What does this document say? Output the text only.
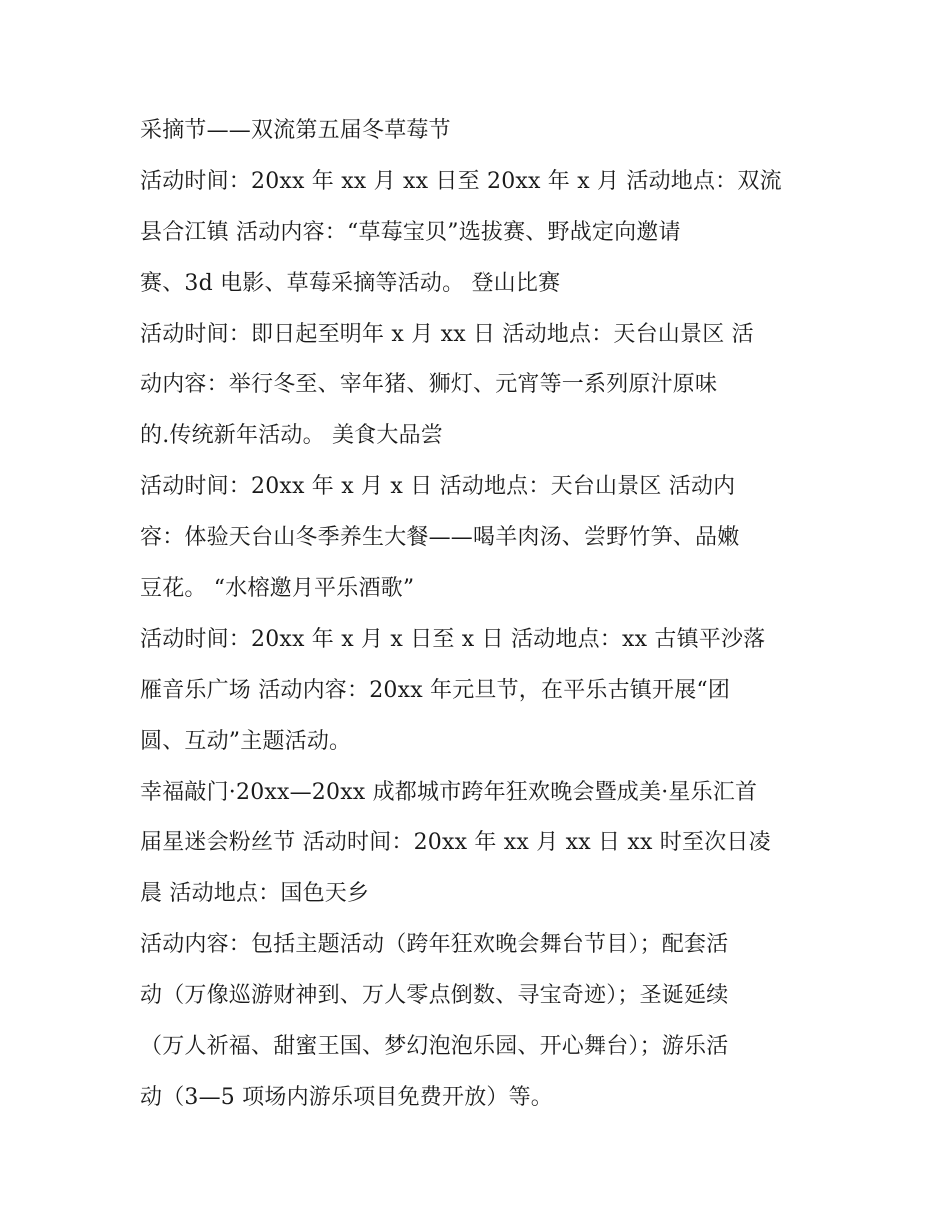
采摘节——双流第五届冬草莓节
活动时间：20xx 年 xx 月 xx 日至 20xx 年 x 月 活动地点：双流
县合江镇 活动内容：“草莓宝贝”选拔赛、野战定向邀请
赛、3d 电影、草莓采摘等活动。 登山比赛
活动时间：即日起至明年 x 月 xx 日 活动地点：天台山景区 活
动内容：举行冬至、宰年猪、狮灯、元宵等一系列原汁原味
的.传统新年活动。 美食大品尝
活动时间：20xx 年 x 月 x 日 活动地点：天台山景区 活动内
容：体验天台山冬季养生大餐——喝羊肉汤、尝野竹笋、品嫩
豆花。 “水榕邀月平乐酒歌”
活动时间：20xx 年 x 月 x 日至 x 日 活动地点：xx 古镇平沙落
雁音乐广场 活动内容：20xx 年元旦节，在平乐古镇开展“团
圆、互动”主题活动。
幸福敲门·20xx—20xx 成都城市跨年狂欢晚会暨成美·星乐汇首
届星迷会粉丝节 活动时间：20xx 年 xx 月 xx 日 xx 时至次日凌
晨 活动地点：国色天乡
活动内容：包括主题活动（跨年狂欢晚会舞台节目）；配套活
动（万像巡游财神到、万人零点倒数、寻宝奇迹）；圣诞延续
（万人祈福、甜蜜王国、梦幻泡泡乐园、开心舞台）；游乐活
动（3—5 项场内游乐项目免费开放）等。
